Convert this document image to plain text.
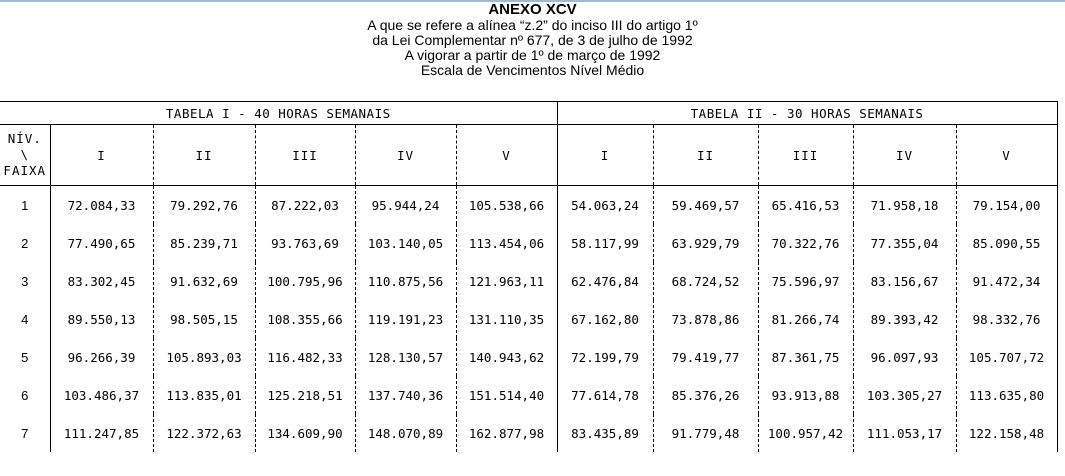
ANEXO XCV
A que se refere a alínea “z.2” do inciso III do artigo 1º
da Lei Complementar nº 677, de 3 de julho de 1992
A vigorar a partir de 1º de março de 1992
Escala de Vencimentos Nível Médio
TABELA I - 40 HORAS SEMANAIS						TABELA II - 30 HORAS SEMANAIS				

NÍV.
\
FAIXA	I	II	III	IV	V	I	II	III	IV	V
1	72.084,33	79.292,76	87.222,03	95.944,24	105.538,66	54.063,24	59.469,57	65.416,53	71.958,18	79.154,00
2	77.490,65	85.239,71	93.763,69	103.140,05	113.454,06	58.117,99	63.929,79	70.322,76	77.355,04	85.090,55
3	83.302,45	91.632,69	100.795,96	110.875,56	121.963,11	62.476,84	68.724,52	75.596,97	83.156,67	91.472,34
4	89.550,13	98.505,15	108.355,66	119.191,23	131.110,35	67.162,80	73.878,86	81.266,74	89.393,42	98.332,76
5	96.266,39	105.893,03	116.482,33	128.130,57	140.943,62	72.199,79	79.419,77	87.361,75	96.097,93	105.707,72
6	103.486,37	113.835,01	125.218,51	137.740,36	151.514,40	77.614,78	85.376,26	93.913,88	103.305,27	113.635,80
7	111.247,85	122.372,63	134.609,90	148.070,89	162.877,98	83.435,89	91.779,48	100.957,42	111.053,17	122.158,48
